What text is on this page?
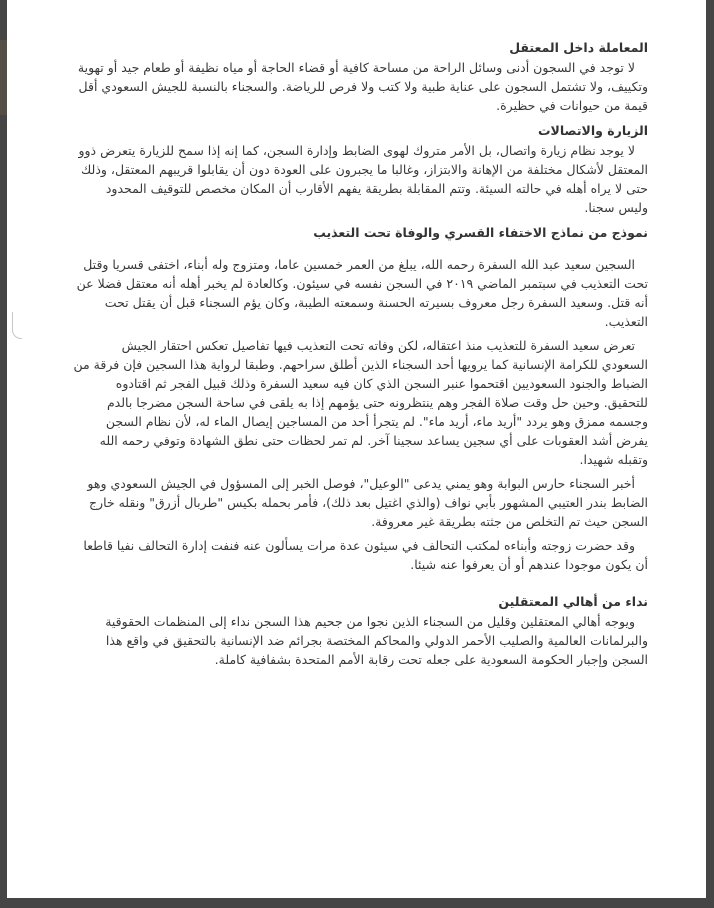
المعاملة داخل المعتقل

لا توجد في السجون أدنى وسائل الراحة من مساحة كافية أو قضاء الحاجة أو مياه نظيفة أو طعام جيد أو تهوية وتكييف، ولا تشتمل السجون على عناية طبية ولا كتب ولا فرص للرياضة. والسجناء بالنسبة للجيش السعودي أقل قيمة من حيوانات في حظيرة.

الزيارة والاتصالات

لا يوجد نظام زيارة واتصال، بل الأمر متروك لهوى الضابط وإدارة السجن، كما إنه إذا سمح للزيارة يتعرض ذوو المعتقل لأشكال مختلفة من الإهانة والابتزاز، وغالبا ما يجبرون على العودة دون أن يقابلوا قريبهم المعتقل، وذلك حتى لا يراه أهله في حالته السيئة. وتتم المقابلة بطريقة يفهم الأقارب أن المكان مخصص للتوقيف المحدود وليس سجنا.

نموذج من نماذج الاختفاء القسري والوفاة تحت التعذيب

السجين سعيد عبد الله السفرة رحمه الله، يبلغ من العمر خمسين عاما، ومتزوج وله أبناء، اختفى قسريا وقتل تحت التعذيب في سبتمبر الماضي ٢٠١٩ في السجن نفسه في سيئون. وكالعادة لم يخبر أهله أنه معتقل فضلا عن أنه قتل. وسعيد السفرة رجل معروف بسيرته الحسنة وسمعته الطيبة، وكان يؤم السجناء قبل أن يقتل تحت التعذيب.

تعرض سعيد السفرة للتعذيب منذ اعتقاله، لكن وفاته تحت التعذيب فيها تفاصيل تعكس احتقار الجيش السعودي للكرامة الإنسانية كما يرويها أحد السجناء الذين أطلق سراحهم. وطبقا لرواية هذا السجين فإن فرقة من الضباط والجنود السعوديين اقتحموا عنبر السجن الذي كان فيه سعيد السفرة وذلك قبيل الفجر ثم اقتادوه للتحقيق. وحين حل وقت صلاة الفجر وهم ينتظرونه حتى يؤمهم إذا به يلقى في ساحة السجن مضرجا بالدم وجسمه ممزق وهو يردد "أريد ماء، أريد ماء". لم يتجرأ أحد من المساجين إيصال الماء له، لأن نظام السجن يفرض أشد العقوبات على أي سجين يساعد سجينا آخر. لم تمر لحظات حتى نطق الشهادة وتوفي رحمه الله وتقبله شهيدا.

أخبر السجناء حارس البوابة وهو يمني يدعى "الوعيل"، فوصل الخبر إلى المسؤول في الجيش السعودي وهو الضابط بندر العتيبي المشهور بأبي نواف (والذي اغتيل بعد ذلك)، فأمر بحمله بكيس "طربال أزرق" ونقله خارج السجن حيث تم التخلص من جثته بطريقة غير معروفة.

وقد حضرت زوجته وأبناءه لمكتب التحالف في سيئون عدة مرات يسألون عنه فنفت إدارة التحالف نفيا قاطعا أن يكون موجودا عندهم أو أن يعرفوا عنه شيئا.

نداء من أهالي المعتقلين

ويوجه أهالي المعتقلين وقليل من السجناء الذين نجوا من جحيم هذا السجن نداء إلى المنظمات الحقوقية والبرلمانات العالمية والصليب الأحمر الدولي والمحاكم المختصة بجرائم ضد الإنسانية بالتحقيق في واقع هذا السجن وإجبار الحكومة السعودية على جعله تحت رقابة الأمم المتحدة بشفافية كاملة.
